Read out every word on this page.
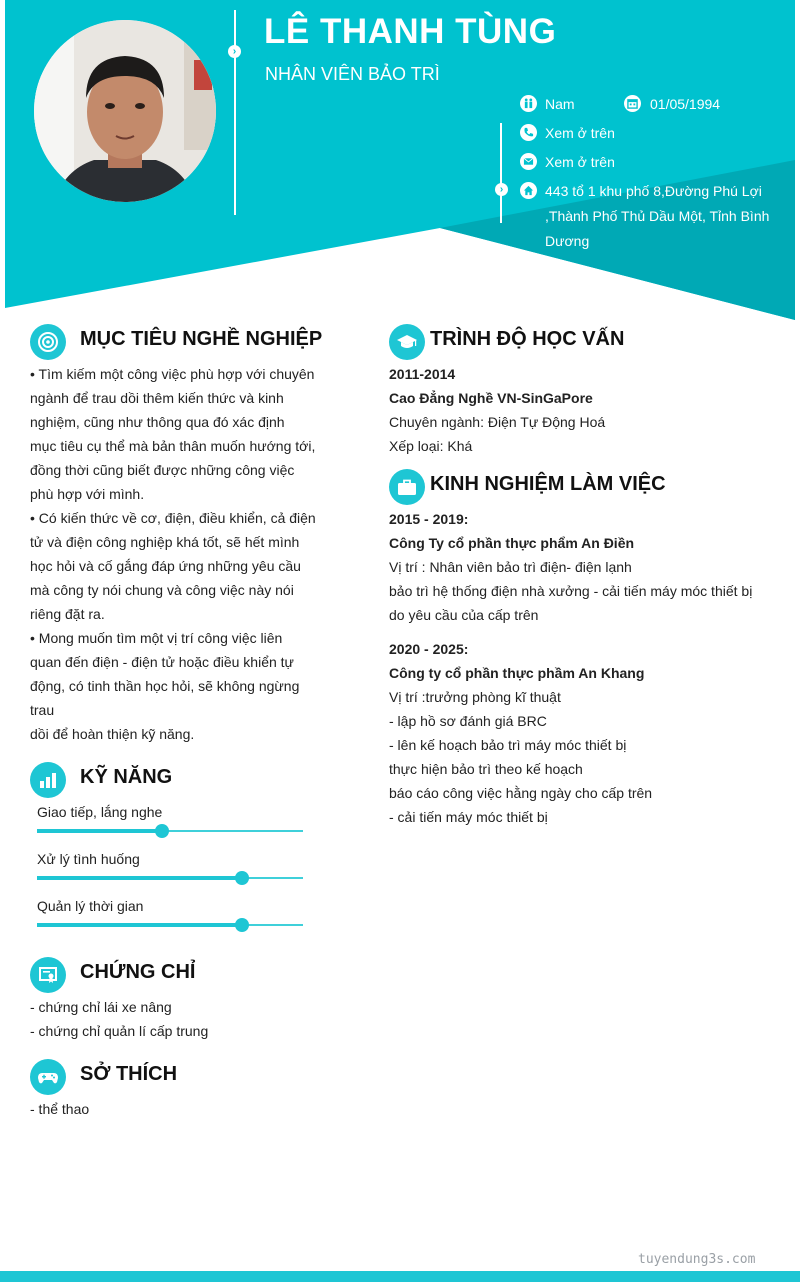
›
›
LÊ THANH TÙNG
NHÂN VIÊN BẢO TRÌ
Nam	01/05/1994
Xem ở trên
Xem ở trên
443 tổ 1 khu phố 8,Đường Phú Lợi
,Thành Phố Thủ Dầu Một, Tỉnh Bình
Dương
MỤC TIÊU NGHỀ NGHIỆP
• Tìm kiếm một công việc phù hợp với chuyên
ngành để trau dồi thêm kiến thức và kinh
nghiệm, cũng như thông qua đó xác định
mục tiêu cụ thể mà bản thân muốn hướng tới,
đồng thời cũng biết được những công việc
phù hợp với mình.
• Có kiến thức về cơ, điện, điều khiển, cả điện
tử và điện công nghiệp khá tốt, sẽ hết mình
học hỏi và cố gắng đáp ứng những yêu cầu
mà công ty nói chung và công việc này nói
riêng đặt ra.
• Mong muốn tìm một vị trí công việc liên
quan đến điện - điện tử hoặc điều khiển tự
động, có tinh thần học hỏi, sẽ không ngừng
trau
dồi để hoàn thiện kỹ năng.
KỸ NĂNG
Giao tiếp, lắng nghe
Xử lý tình huống
Quản lý thời gian
CHỨNG CHỈ
- chứng chỉ lái xe nâng
- chứng chỉ quản lí cấp trung
SỞ THÍCH
- thể thao
TRÌNH ĐỘ HỌC VẤN
2011-2014
Cao Đẳng Nghề VN-SinGaPore
Chuyên ngành: Điện Tự Động Hoá
Xếp loại: Khá
KINH NGHIỆM LÀM VIỆC
2015 - 2019:
Công Ty cổ phần thực phẩm An Điền
Vị trí : Nhân viên bảo trì điện- điện lạnh
bảo trì hệ thống điện nhà xưởng - cải tiến máy móc thiết bị
do yêu cầu của cấp trên
2020 - 2025:
Công ty cổ phần thực phầm An Khang
Vị trí :trưởng phòng kĩ thuật
- lập hồ sơ đánh giá BRC
- lên kế hoạch bảo trì máy móc thiết bị
thực hiện bảo trì theo kế hoạch
báo cáo công việc hằng ngày cho cấp trên
- cải tiến máy móc thiết bị
tuyendung3s.com
